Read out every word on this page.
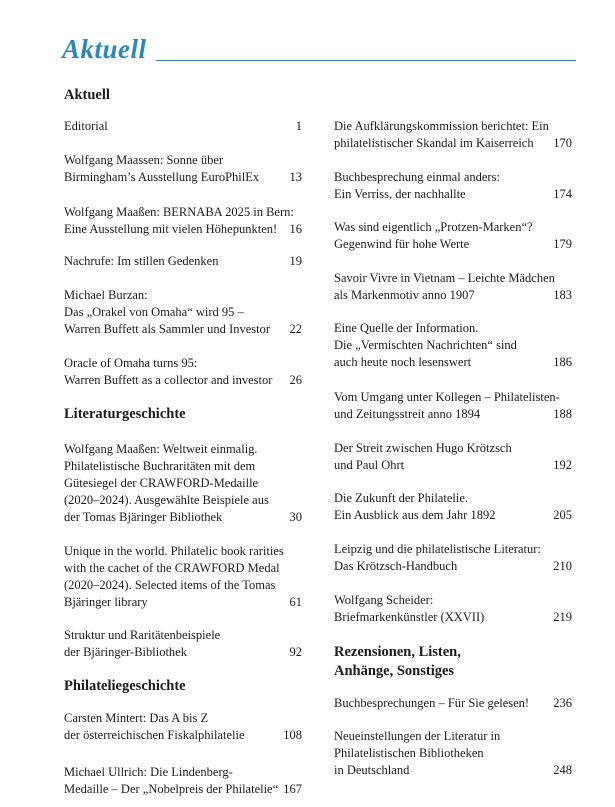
Aktuell
Aktuell
Editorial	1
Wolfgang Maassen: Sonne über
Birmingham’s Ausstellung EuroPhilEx 13
Wolfgang Maaßen: BERNABA 2025 in Bern:
Eine Ausstellung mit vielen Höhepunkten! 16
Nachrufe: Im stillen Gedenken	19
Michael Burzan:
Das „Orakel von Omaha“ wird 95 –
Warren Buffett als Sammler und Investor 22
Oracle of Omaha turns 95:
Warren Buffett as a collector and investor 26
Literaturgeschichte
Wolfgang Maaßen: Weltweit einmalig.
Philatelistische Buchraritäten mit dem
Gütesiegel der CRAWFORD-Medaille
(2020–2024). Ausgewählte Beispiele aus
der Tomas Bjäringer Bibliothek	30
Unique in the world. Philatelic book rarities
with the cachet of the CRAWFORD Medal
(2020–2024). Selected items of the Tomas
Bjäringer library	61
Struktur und Raritätenbeispiele
der Bjäringer-Bibliothek	92
Philateliegeschichte
Carsten Mintert: Das A bis Z
der österreichischen Fiskalphilatelie	108
Michael Ullrich: Die Lindenberg-
Medaille – Der „Nobelpreis der Philatelie“ 167
Die Aufklärungskommission berichtet: Ein
philatelistischer Skandal im Kaiserreich 170
Buchbesprechung einmal anders:
Ein Verriss, der nachhallte	174
Was sind eigentlich „Protzen-Marken“?
Gegenwind für hohe Werte	179
Savoir Vivre in Vietnam – Leichte Mädchen
als Markenmotiv anno 1907	183
Eine Quelle der Information.
Die „Vermischten Nachrichten“ sind
auch heute noch lesenswert	186
Vom Umgang unter Kollegen – Philatelisten-
und Zeitungsstreit anno 1894	188
Der Streit zwischen Hugo Krötzsch
und Paul Ohrt	192
Die Zukunft der Philatelie.
Ein Ausblick aus dem Jahr 1892	205
Leipzig und die philatelistische Literatur:
Das Krötzsch-Handbuch	210
Wolfgang Scheider:
Briefmarkenkünstler (XXVII)	219
Rezensionen, Listen,
Anhänge, Sonstiges
Buchbesprechungen – Für Sie gelesen! 236
Neueinstellungen der Literatur in
Philatelistischen Bibliotheken
in Deutschland	248
